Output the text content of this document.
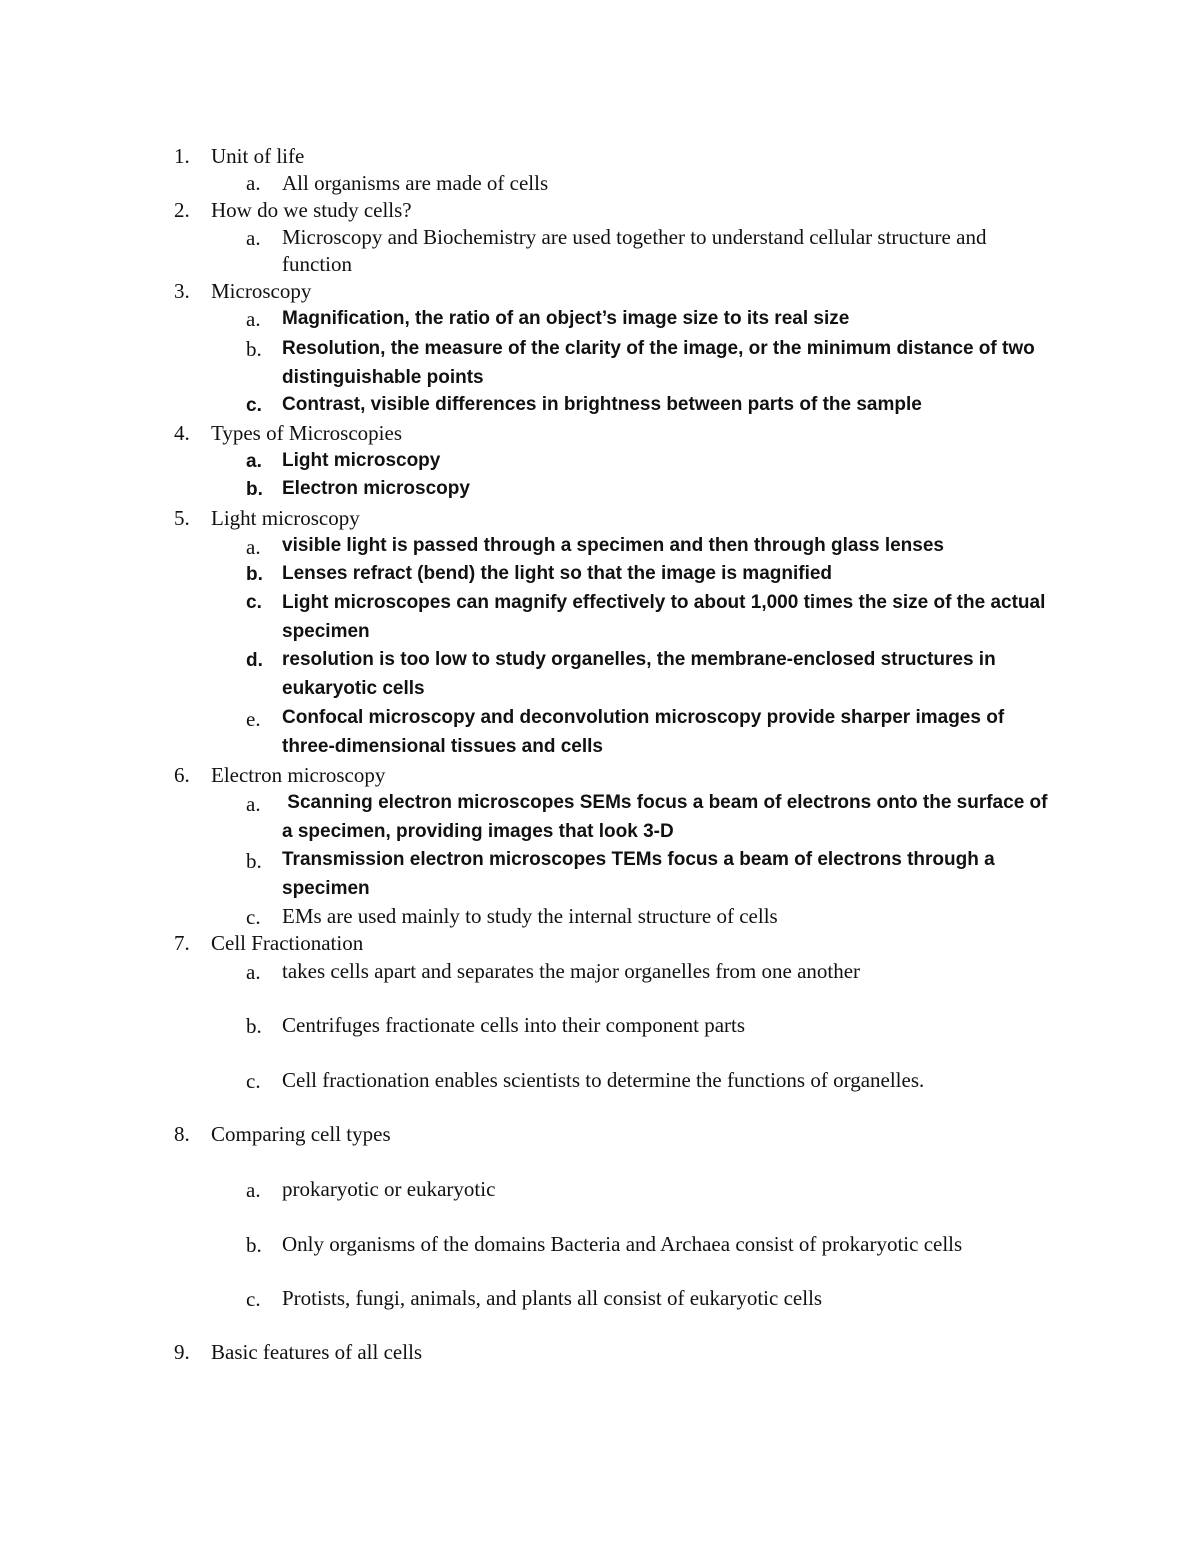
1.	Unit of life
a.	All organisms are made of cells
2.	How do we study cells?
a.	Microscopy and Biochemistry are used together to understand cellular structure and function
3.	Microscopy
a.	Magnification, the ratio of an object’s image size to its real size
b.	Resolution, the measure of the clarity of the image, or the minimum distance of two distinguishable points
c.	Contrast, visible differences in brightness between parts of the sample
4.	Types of Microscopies
a.	Light microscopy
b.	Electron microscopy
5.	Light microscopy
a.	visible light is passed through a specimen and then through glass lenses
b.	Lenses refract (bend) the light so that the image is magnified
c.	Light microscopes can magnify effectively to about 1,000 times the size of the actual specimen
d.	resolution is too low to study organelles, the membrane-enclosed structures in eukaryotic cells
e.	Confocal microscopy and deconvolution microscopy provide sharper images of three-dimensional tissues and cells
6.	Electron microscopy
a.	Scanning electron microscopes SEMs focus a beam of electrons onto the surface of a specimen, providing images that look 3-D
b.	Transmission electron microscopes TEMs focus a beam of electrons through a specimen
c.	EMs are used mainly to study the internal structure of cells
7.	Cell Fractionation
a.	takes cells apart and separates the major organelles from one another
b. Centrifuges fractionate cells into their component parts
c.	Cell fractionation enables scientists to determine the functions of organelles.
8.	Comparing cell types
a.	prokaryotic or eukaryotic
b. Only organisms of the domains Bacteria and Archaea consist of prokaryotic cells
c.	Protists, fungi, animals, and plants all consist of eukaryotic cells
9.	Basic features of all cells
